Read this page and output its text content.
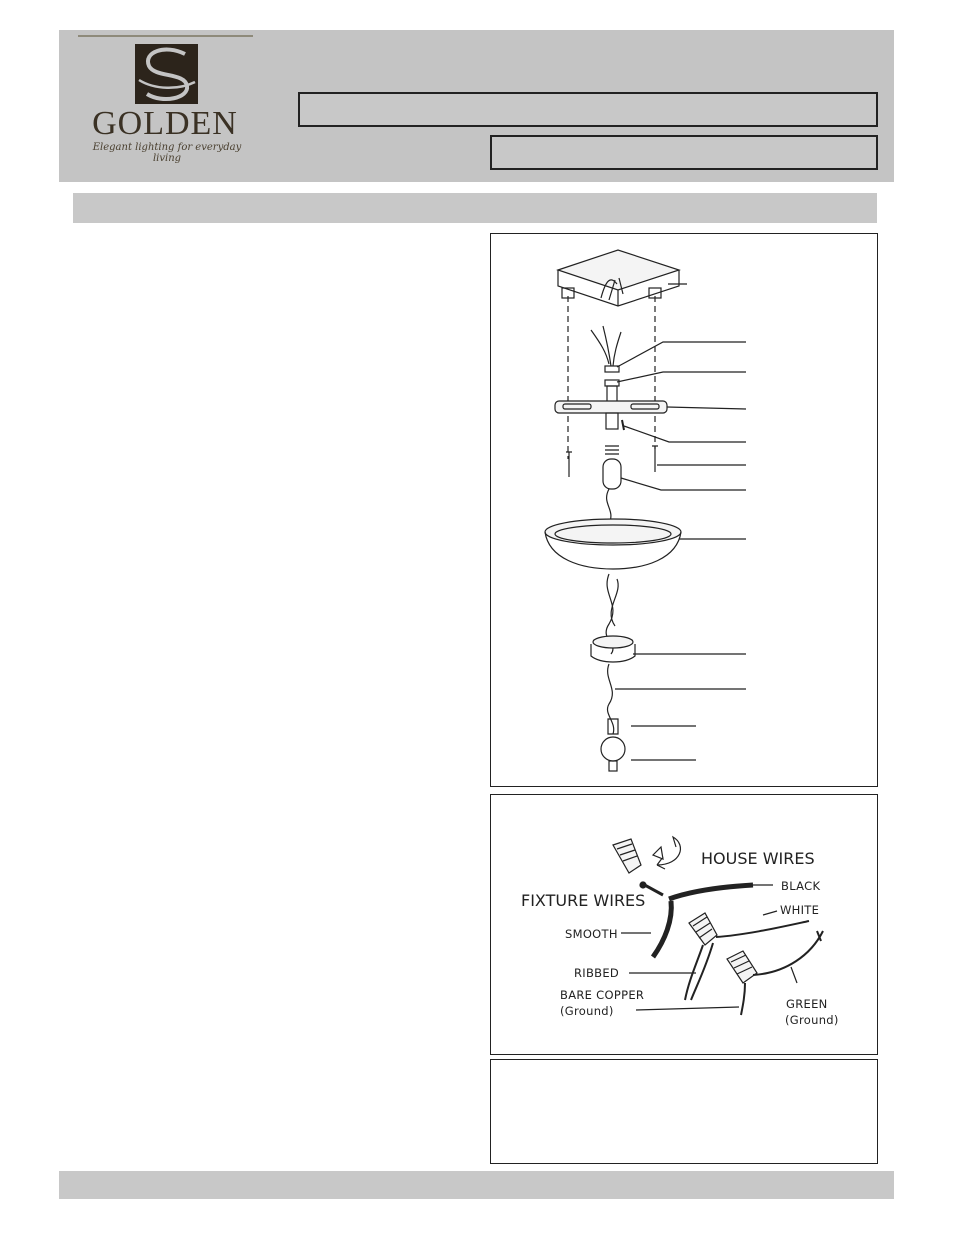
GOLDEN
Elegant lighting for everyday living
HOUSE WIRES
FIXTURE WIRES
BLACK
WHITE
SMOOTH
RIBBED
BARE COPPER
(Ground)	GREEN
(Ground)
